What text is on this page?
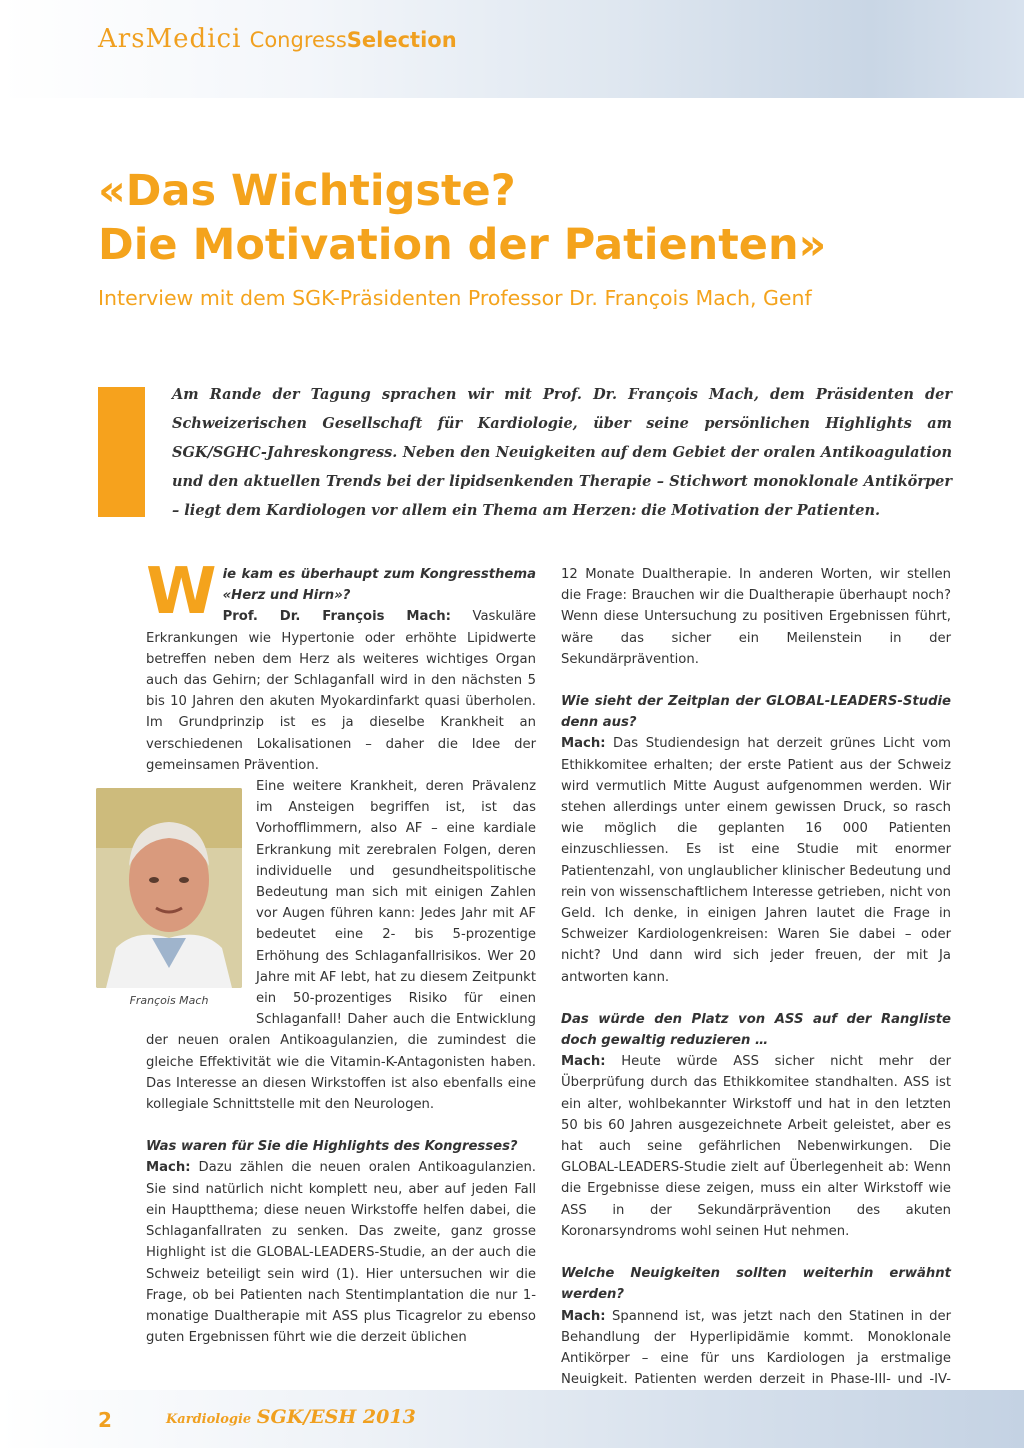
ArsMedici CongressSelection
«Das Wichtigste?
Die Motivation der Patienten»

Interview mit dem SGK-Präsidenten Professor Dr. François Mach, Genf

Am Rande der Tagung sprachen wir mit Prof. Dr. François Mach, dem Präsidenten der Schweizerischen Gesellschaft für Kardiologie, über seine persönlichen Highlights am SGK/SGHC-Jahreskongress. Neben den Neuigkeiten auf dem Gebiet der oralen Antikoagulation und den aktuellen Trends bei der lipidsenkenden Therapie – Stichwort monoklonale Antikörper – liegt dem Kardiologen vor allem ein Thema am Herzen: die Motivation der Patienten.

Wie kam es überhaupt zum Kongressthema «Herz und Hirn»?
Prof. Dr. François Mach: Vaskuläre Erkrankungen wie Hypertonie oder erhöhte Lipidwerte betreffen neben dem Herz als weiteres wichtiges Organ auch das Gehirn; der Schlaganfall wird in den nächsten 5 bis 10 Jahren den akuten Myokardinfarkt quasi überholen. Im Grundprinzip ist es ja dieselbe Krankheit an verschiedenen Lokalisationen – daher die Idee der gemeinsamen Prävention.

François Mach

Eine weitere Krankheit, deren Prävalenz im Ansteigen begriffen ist, ist das Vorhofflimmern, also AF – eine kardiale Erkrankung mit zerebralen Folgen, deren individuelle und gesundheitspolitische Bedeutung man sich mit einigen Zahlen vor Augen führen kann: Jedes Jahr mit AF bedeutet eine 2- bis 5-prozentige Erhöhung des Schlaganfallrisikos. Wer 20 Jahre mit AF lebt, hat zu diesem Zeitpunkt ein 50-prozentiges Risiko für einen Schlaganfall! Daher auch die Entwicklung der neuen oralen Antikoagulanzien, die zumindest die gleiche Effektivität wie die Vitamin-K-Antagonisten haben. Das Interesse an diesen Wirkstoffen ist also ebenfalls eine kollegiale Schnittstelle mit den Neurologen.

Was waren für Sie die Highlights des Kongresses?
Mach: Dazu zählen die neuen oralen Antikoagulanzien. Sie sind natürlich nicht komplett neu, aber auf jeden Fall ein Hauptthema; diese neuen Wirkstoffe helfen dabei, die Schlaganfallraten zu senken. Das zweite, ganz grosse Highlight ist die GLOBAL-LEADERS-Studie, an der auch die Schweiz beteiligt sein wird (1). Hier untersuchen wir die Frage, ob bei Patienten nach Stentimplantation die nur 1-monatige Dualtherapie mit ASS plus Ticagrelor zu ebenso guten Ergebnissen führt wie die derzeit üblichen

12 Monate Dualtherapie. In anderen Worten, wir stellen die Frage: Brauchen wir die Dualtherapie überhaupt noch? Wenn diese Untersuchung zu positiven Ergebnissen führt, wäre das sicher ein Meilenstein in der Sekundärprävention.

Wie sieht der Zeitplan der GLOBAL-LEADERS-Studie denn aus?
Mach: Das Studiendesign hat derzeit grünes Licht vom Ethikkomitee erhalten; der erste Patient aus der Schweiz wird vermutlich Mitte August aufgenommen werden. Wir stehen allerdings unter einem gewissen Druck, so rasch wie möglich die geplanten 16 000 Patienten einzuschliessen. Es ist eine Studie mit enormer Patientenzahl, von unglaublicher klinischer Bedeutung und rein von wissenschaftlichem Interesse getrieben, nicht von Geld. Ich denke, in einigen Jahren lautet die Frage in Schweizer Kardiologenkreisen: Waren Sie dabei – oder nicht? Und dann wird sich jeder freuen, der mit Ja antworten kann.

Das würde den Platz von ASS auf der Rangliste doch gewaltig reduzieren …
Mach: Heute würde ASS sicher nicht mehr der Überprüfung durch das Ethikkomitee standhalten. ASS ist ein alter, wohlbekannter Wirkstoff und hat in den letzten 50 bis 60 Jahren ausgezeichnete Arbeit geleistet, aber es hat auch seine gefährlichen Nebenwirkungen. Die GLOBAL-LEADERS-Studie zielt auf Überlegenheit ab: Wenn die Ergebnisse diese zeigen, muss ein alter Wirkstoff wie ASS in der Sekundärprävention des akuten Koronarsyndroms wohl seinen Hut nehmen.

Welche Neuigkeiten sollten weiterhin erwähnt werden?
Mach: Spannend ist, was jetzt nach den Statinen in der Behandlung der Hyperlipidämie kommt. Monoklonale Antikörper – eine für uns Kardiologen ja erstmalige Neuigkeit. Patienten werden derzeit in Phase-III- und -IV-

2	Kardiologie SGK/ESH 2013
